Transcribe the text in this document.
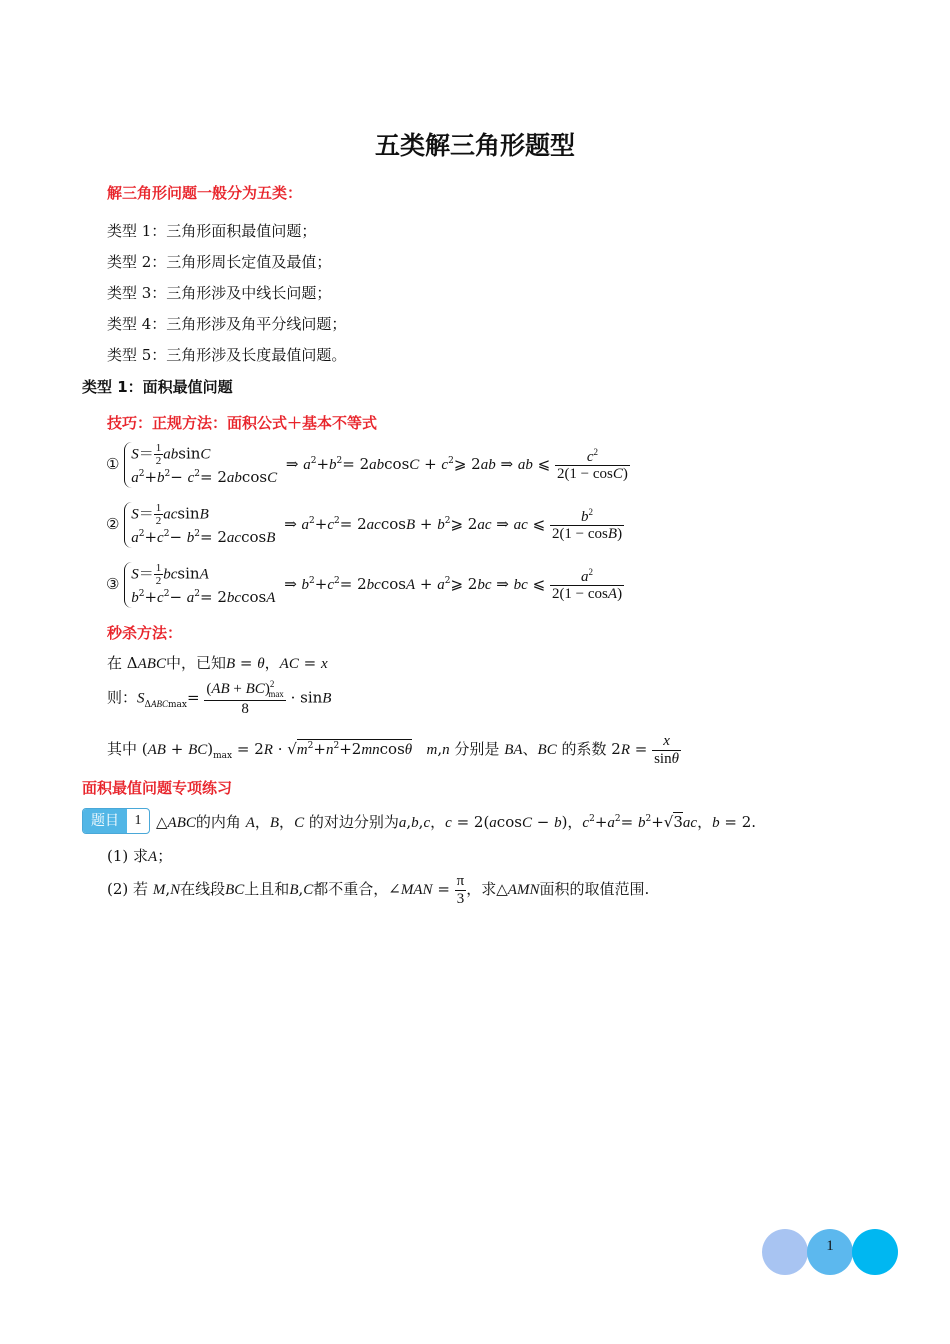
五类解三角形题型
解三角形问题一般分为五类：
类型 1：三角形面积最值问题；
类型 2：三角形周长定值及最值；
类型 3：三角形涉及中线长问题；
类型 4：三角形涉及角平分线问题；
类型 5：三角形涉及长度最值问题。
类型 1：面积最值问题
技巧：正规方法：面积公式＋基本不等式
① $S= \frac{1}{2}$ absinC
$a^2+b^2- c^2= 2abcosC$ ⇒ $a^2+b^2= 2abcosC$ + $c^2⩾$ 2ab ⇒ ab ⩽ $\frac{c^2}{2(1 - \cos C)}$
② $S= \frac{1}{2}$ acsinB
$a^2+c^2- b^2= 2accosB$ ⇒ $a^2+c^2= 2accosB$ + $b^2⩾$ 2ac ⇒ ac ⩽ $\frac{b^2}{2(1 - \cos B)}$
③ $S= \frac{1}{2}$ bcsinA
$b^2+c^2- a^2= 2bccosA$ ⇒ $b^2+c^2= 2bccosA$ + $a^2⩾$ 2bc ⇒ bc ⩽ $\frac{a^2}{2(1 - \cos A)}$
秒杀方法：
在 ΔABC中，已知B = θ，AC = x
则：$S_{\Delta ABCmax}= \frac{(AB + BC)^2_{max}}{8} \cdot \sin B$
其中 $(AB + BC)_{max} = 2R \cdot √m^2+n^2+2mncos\theta$ m,n 分别是 BA、BC 的系数 $2R = \frac{x}{\sin\theta}$
面积最值问题专项练习
题目	1 △ABC的内角 A，B，C 的对边分别为a,b,c，c = 2(acosC − b)，$c^2+a^2= b^2+√3ac$，b = 2.
(1) 求A；
(2) 若 M,N在线段BC上且和B,C都不重合，∠MAN = $\frac{\pi}{3}$ ，求△AMN面积的取值范围.
1
